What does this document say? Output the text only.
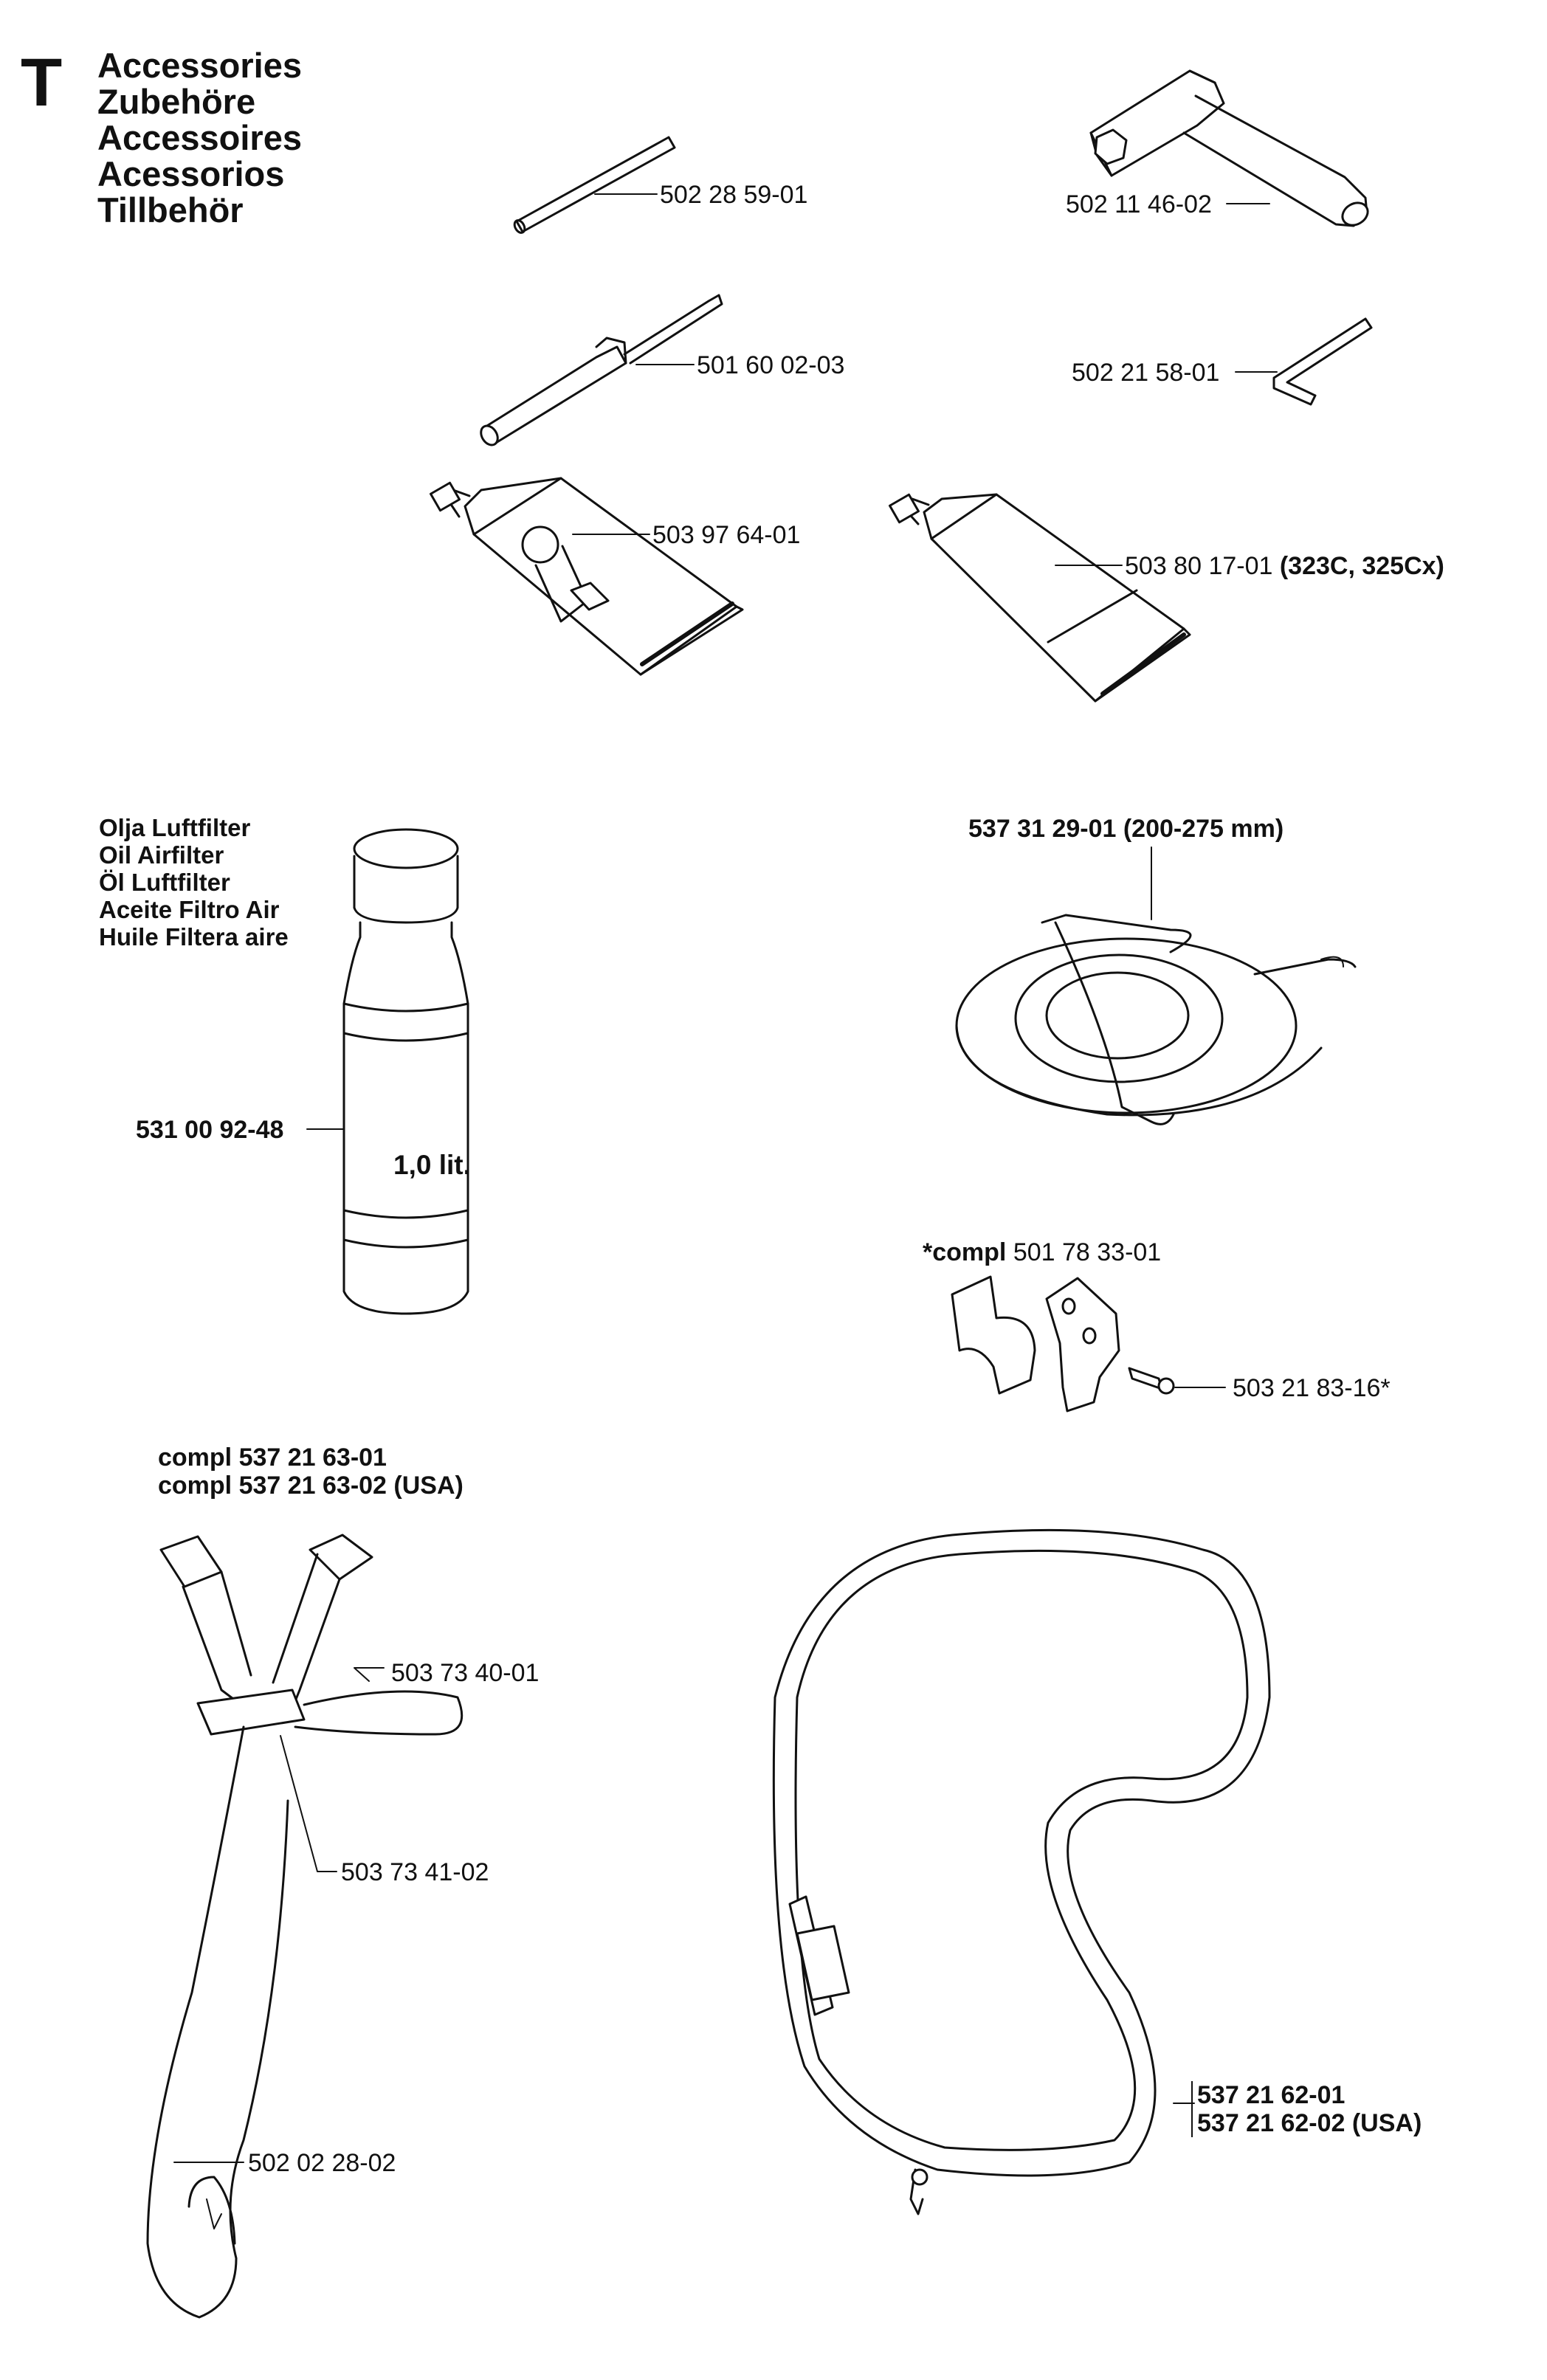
T Accessories
Zubehöre
Accessoires
Acessorios
Tillbehör	502 28 59-01	502 11 46-02
501 60 02-03	502 21 58-01
503 97 64-01
503 80 17-01 (323C, 325Cx)
Olja Luftfilter
Oil Airfilter
Öl Luftfilter
Aceite Filtro Air
Huile Filtera aire
537 31 29-01 (200-275 mm)
531 00 92-48
1,0 lit.
*compl 501 78 33-01
503 21 83-16*
compl 537 21 63-01
compl 537 21 63-02 (USA)
503 73 40-01
503 73 41-02
502 02 28-02
537 21 62-01
537 21 62-02 (USA)
